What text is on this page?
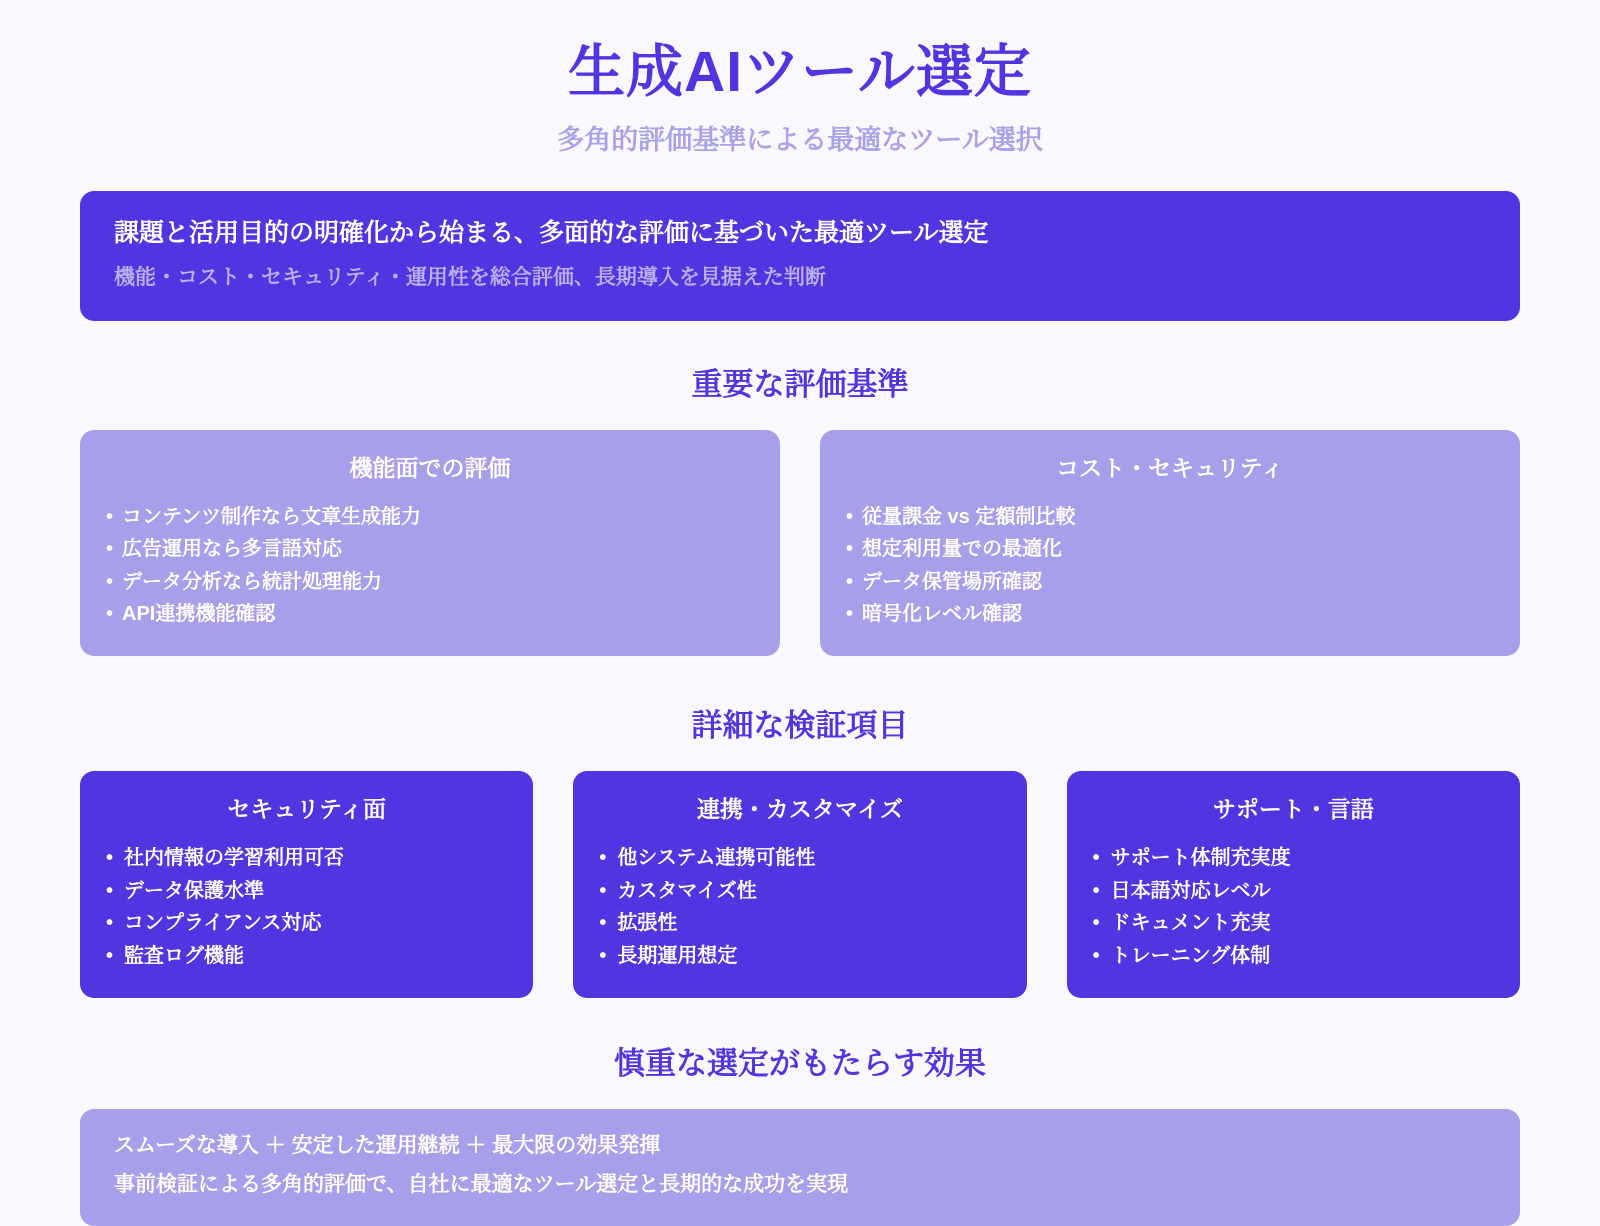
生成AIツール選定
多角的評価基準による最適なツール選択
課題と活用目的の明確化から始まる、多面的な評価に基づいた最適ツール選定
機能・コスト・セキュリティ・運用性を総合評価、長期導入を見据えた判断
重要な評価基準
機能面での評価
• コンテンツ制作なら文章生成能力
• 広告運用なら多言語対応
• データ分析なら統計処理能力
• API連携機能確認
コスト・セキュリティ
• 従量課金 vs 定額制比較
• 想定利用量での最適化
• データ保管場所確認
• 暗号化レベル確認
詳細な検証項目
セキュリティ面
• 社内情報の学習利用可否
• データ保護水準
• コンプライアンス対応
• 監査ログ機能
連携・カスタマイズ
• 他システム連携可能性
• カスタマイズ性
• 拡張性
• 長期運用想定
サポート・言語
• サポート体制充実度
• 日本語対応レベル
• ドキュメント充実
• トレーニング体制
慎重な選定がもたらす効果
スムーズな導入 ＋ 安定した運用継続 ＋ 最大限の効果発揮
事前検証による多角的評価で、自社に最適なツール選定と長期的な成功を実現
